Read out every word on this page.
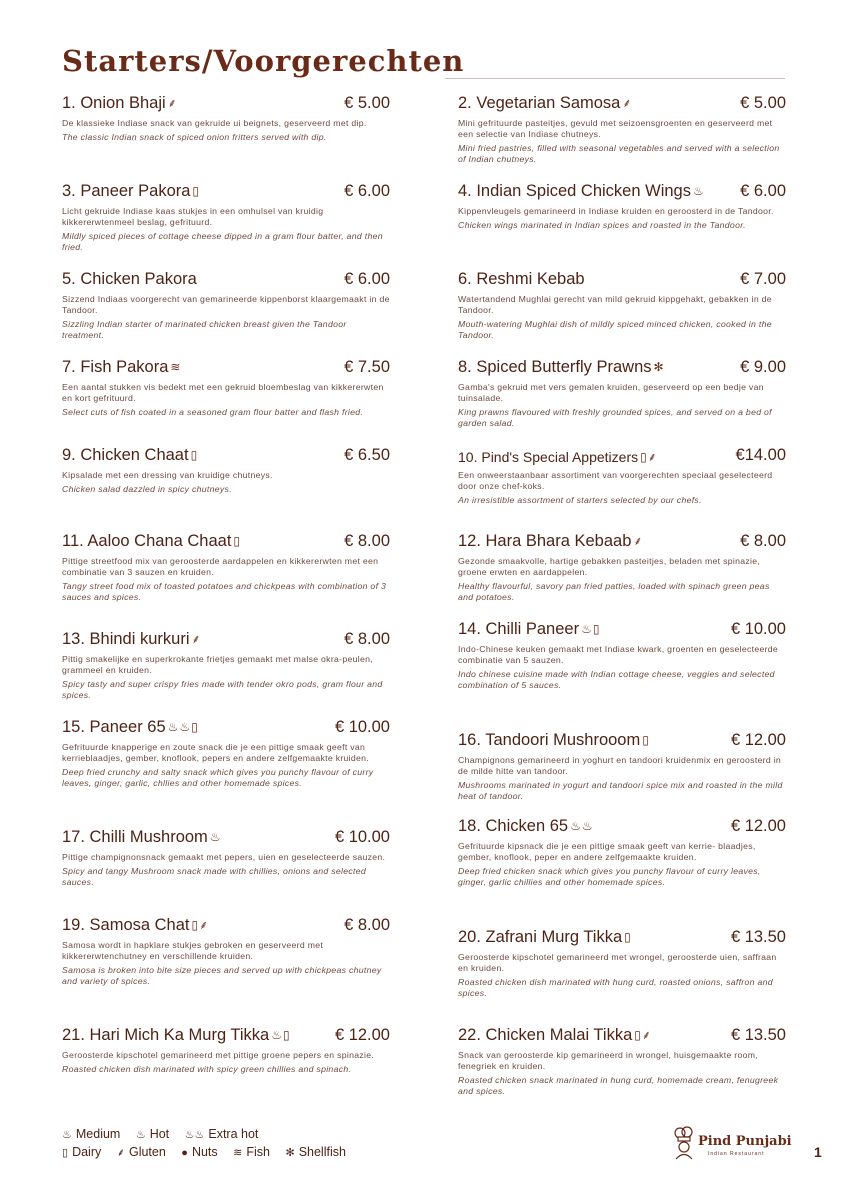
Starters/Voorgerechten
1. Onion Bhaji ⸙	€ 5.00
De klassieke Indiase snack van gekruide ui beignets, geserveerd met dip.
The classic Indian snack of spiced onion fritters served with dip.
2. Vegetarian Samosa ⸙	€ 5.00
Mini gefrituurde pasteitjes, gevuld met seizoensgroenten en geserveerd met een selectie van Indiase chutneys.
Mini fried pastries, filled with seasonal vegetables and served with a selection of Indian chutneys.
3. Paneer Pakora ▯	€ 6.00
Licht gekruide Indiase kaas stukjes in een omhulsel van kruidig kikkererwtenmeel beslag, gefrituurd.
Mildly spiced pieces of cottage cheese dipped in a gram flour batter, and then fried.
4. Indian Spiced Chicken Wings ♨ € 6.00
Kippenvleugels gemarineerd in Indiase kruiden en geroosterd in de Tandoor.
Chicken wings marinated in Indian spices and roasted in the Tandoor.
5. Chicken Pakora	€ 6.00
Sizzend Indiaas voorgerecht van gemarineerde kippenborst klaargemaakt in de Tandoor.
Sizzling Indian starter of marinated chicken breast given the Tandoor treatment.
6. Reshmi Kebab	€ 7.00
Watertandend Mughlai gerecht van mild gekruid kippgehakt, gebakken in de Tandoor.
Mouth-watering Mughlai dish of mildly spiced minced chicken, cooked in the Tandoor.
7. Fish Pakora ≋	€ 7.50
Een aantal stukken vis bedekt met een gekruid bloembeslag van kikkererwten en kort gefrituurd.
Select cuts of fish coated in a seasoned gram flour batter and flash fried.
8. Spiced Butterfly Prawns ✻	€ 9.00
Gamba's gekruid met vers gemalen kruiden, geserveerd op een bedje van tuinsalade.
King prawns flavoured with freshly grounded spices, and served on a bed of garden salad.
9. Chicken Chaat ▯	€ 6.50
Kipsalade met een dressing van kruidige chutneys.
Chicken salad dazzled in spicy chutneys.
10. Pind's Special Appetizers ▯⸙	€14.00
Een onweerstaanbaar assortiment van voorgerechten speciaal geselecteerd door onze chef-koks.
An irresistible assortment of starters selected by our chefs.
11. Aaloo Chana Chaat ▯	€ 8.00
Pittige streetfood mix van geroosterde aardappelen en kikkererwten met een combinatie van 3 sauzen en kruiden.
Tangy street food mix of toasted potatoes and chickpeas with combination of 3 sauces and spices.
12. Hara Bhara Kebaab ⸙	€ 8.00
Gezonde smaakvolle, hartige gebakken pasteitjes, beladen met spinazie, groene erwten en aardappelen.
Healthy flavourful, savory pan fried patties, loaded with spinach green peas and potatoes.
13. Bhindi kurkuri ⸙	€ 8.00
Pittig smakelijke en superkrokante frietjes gemaakt met malse okra-peulen, grammeel en kruiden.
Spicy tasty and super crispy fries made with tender okro pods, gram flour and spices.
14. Chilli Paneer ♨▯	€ 10.00
Indo-Chinese keuken gemaakt met Indiase kwark, groenten en geselecteerde combinatie van 5 sauzen.
Indo chinese cuisine made with Indian cottage cheese, veggies and selected combination of 5 sauces.
15. Paneer 65 ♨♨▯	€ 10.00
Gefrituurde knapperige en zoute snack die je een pittige smaak geeft van kerrieblaadjes, gember, knoflook, pepers en andere zelfgemaakte kruiden.
Deep fried crunchy and salty snack which gives you punchy flavour of curry leaves, ginger, garlic, chllies and other homemade spices.
16. Tandoori Mushrooom ▯	€ 12.00
Champignons gemarineerd in yoghurt en tandoori kruidenmix en geroosterd in de milde hitte van tandoor.
Mushrooms marinated in yogurt and tandoori spice mix and roasted in the mild heat of tandoor.
17. Chilli Mushroom ♨	€ 10.00
Pittige champignonsnack gemaakt met pepers, uien en geselecteerde sauzen.
Spicy and tangy Mushroom snack made with chillies, onions and selected sauces.
18. Chicken 65 ♨♨	€ 12.00
Gefrituurde kipsnack die je een pittige smaak geeft van kerrie- blaadjes, gember, knoflook, peper en andere zelfgemaakte kruiden.
Deep fried chicken snack which gives you punchy flavour of curry leaves, ginger, garlic chillies and other homemade spices.
19. Samosa Chat ▯⸙	€ 8.00
Samosa wordt in hapklare stukjes gebroken en geserveerd met kikkererwtenchutney en verschillende kruiden.
Samosa is broken into bite size pieces and served up with chickpeas chutney and variety of spices.
20. Zafrani Murg Tikka ▯	€ 13.50
Geroosterde kipschotel gemarineerd met wrongel, geroosterde uien, saffraan en kruiden.
Roasted chicken dish marinated with hung curd, roasted onions, saffron and spices.
21. Hari Mich Ka Murg Tikka ♨▯	€ 12.00
Geroosterde kipschotel gemarineerd met pittige groene pepers en spinazie.
Roasted chicken dish marinated with spicy green chillies and spinach.
22. Chicken Malai Tikka ▯⸙	€ 13.50
Snack van geroosterde kip gemarineerd in wrongel, huisgemaakte room, fenegriek en kruiden.
Roasted chicken snack marinated in hung curd, homemade cream, fenugreek and spices.
♨ Medium ♨ Hot ♨♨ Extra hot
▯ Dairy ⸙ Gluten ● Nuts ≋ Fish ✻ Shellfish
Pind Punjabi
Indian Restaurant	1
